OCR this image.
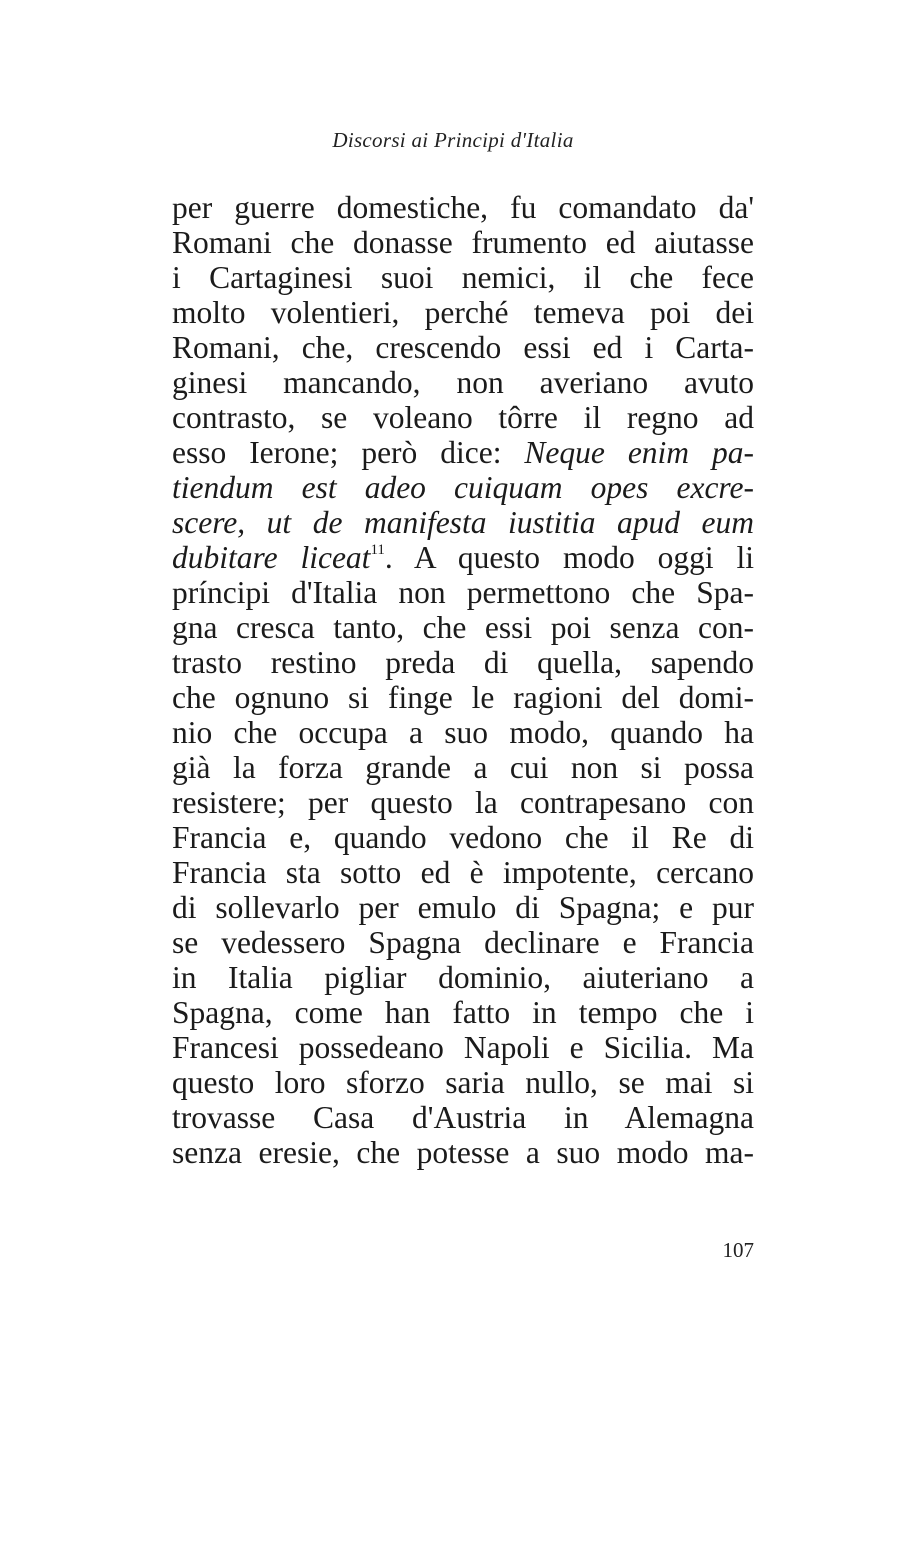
Discorsi ai Principi d'Italia
per guerre domestiche, fu comandato da'
Romani che donasse frumento ed aiutasse
i Cartaginesi suoi nemici, il che fece
molto volentieri, perché temeva poi dei
Romani, che, crescendo essi ed i Carta-
ginesi mancando, non averiano avuto
contrasto, se voleano tôrre il regno ad
esso Ierone; però dice: Neque enim pa-
tiendum est adeo cuiquam opes excre-
scere, ut de manifesta iustitia apud eum
dubitare liceat$^{11}$. A questo modo oggi li
príncipi d'Italia non permettono che Spa-
gna cresca tanto, che essi poi senza con-
trasto restino preda di quella, sapendo
che ognuno si finge le ragioni del domi-
nio che occupa a suo modo, quando ha
già la forza grande a cui non si possa
resistere; per questo la contrapesano con
Francia e, quando vedono che il Re di
Francia sta sotto ed è impotente, cercano
di sollevarlo per emulo di Spagna; e pur
se vedessero Spagna declinare e Francia
in Italia pigliar dominio, aiuteriano a
Spagna, come han fatto in tempo che i
Francesi possedeano Napoli e Sicilia. Ma
questo loro sforzo saria nullo, se mai si
trovasse Casa d'Austria in Alemagna
senza eresie, che potesse a suo modo ma-
107
